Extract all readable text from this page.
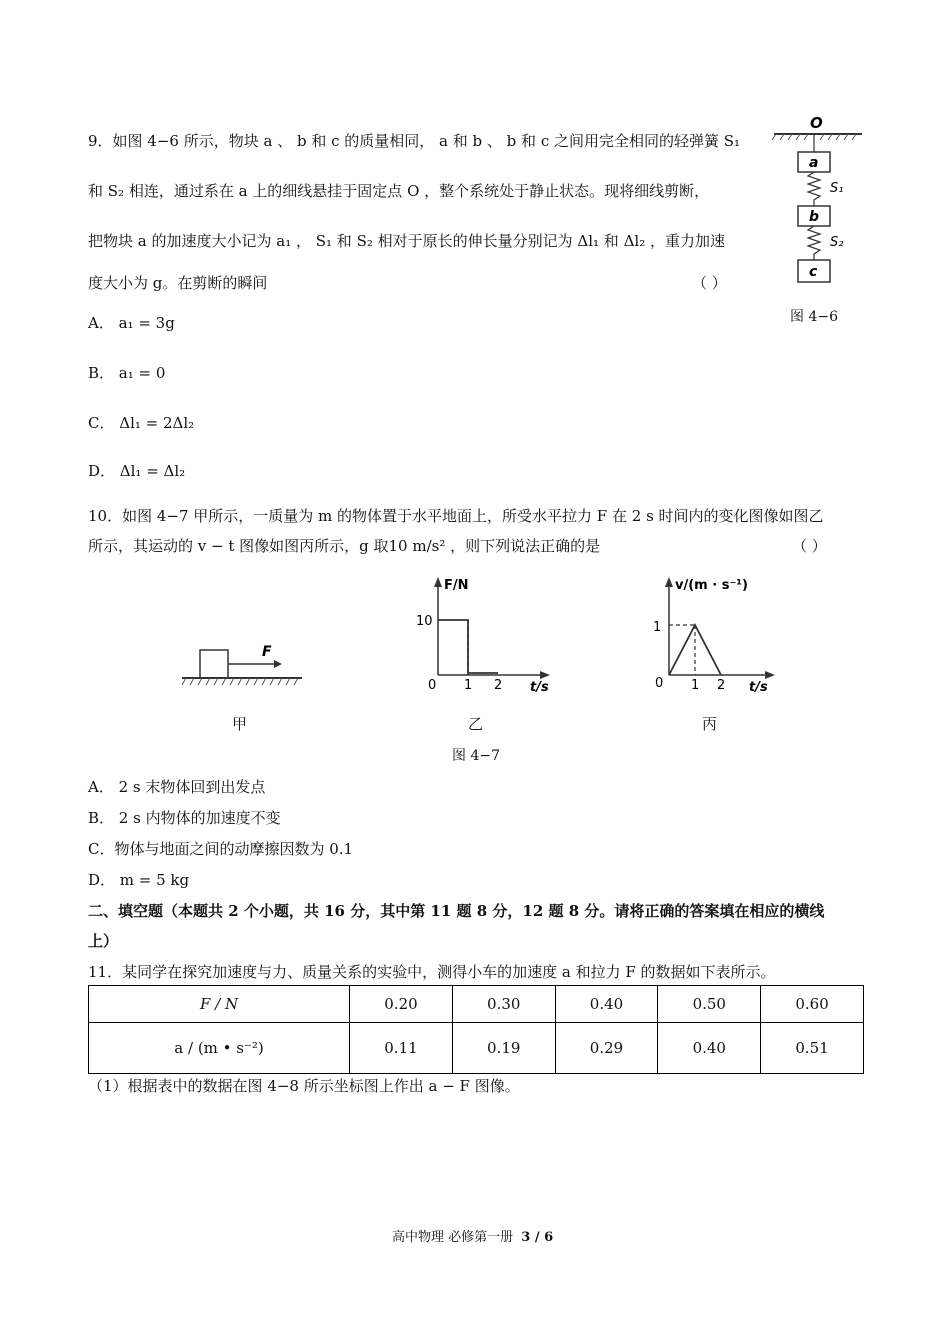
9．如图 4−6 所示，物块 a 、 b 和 c 的质量相同， a 和 b 、 b 和 c 之间用完全相同的轻弹簧 S₁
和 S₂ 相连，通过系在 a 上的细线悬挂于固定点 O ，整个系统处于静止状态。现将细线剪断，
把物块 a 的加速度大小记为 a₁ ， S₁ 和 S₂ 相对于原长的伸长量分别记为 Δl₁ 和 Δl₂ ，重力加速
度大小为 g。在剪断的瞬间	（ ）
A． a₁ = 3g
B． a₁ = 0
C． Δl₁ = 2Δl₂
D． Δl₁ = Δl₂
O
a
S₁
b
S₂
c
图 4−6
10．如图 4−7 甲所示，一质量为 m 的物体置于水平地面上，所受水平拉力 F 在 2 s 时间内的变化图像如图乙
所示，其运动的 v − t 图像如图丙所示，g 取10 m/s² ，则下列说法正确的是	（ ）
F
F/N
10
0 1 2 t/s
v/(m · s⁻¹)
1
0 1 2 t/s
甲	乙	丙
图 4−7
A． 2 s 末物体回到出发点
B． 2 s 内物体的加速度不变
C．物体与地面之间的动摩擦因数为 0.1
D． m = 5 kg
二、填空题（本题共 2 个小题，共 16 分，其中第 11 题 8 分，12 题 8 分。请将正确的答案填在相应的横线
上）
11．某同学在探究加速度与力、质量关系的实验中，测得小车的加速度 a 和拉力 F 的数据如下表所示。
F / N	0.20	0.30	0.40	0.50	0.60
a / (m • s⁻²)	0.11	0.19	0.29	0.40	0.51
（1）根据表中的数据在图 4−8 所示坐标图上作出 a − F 图像。
高中物理 必修第一册 3 / 6
